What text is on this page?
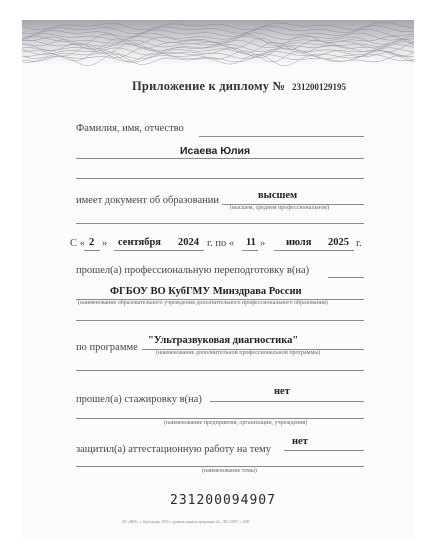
Приложение к диплому № 231200129195
Фамилия, имя, отчество
Исаева Юлия
имеет документ об образовании	высшем
(высшем, среднем профессиональном)
С « 2 » сентября 2024 г. по « 11 » июля 2025 г.
прошел(а) профессиональную переподготовку в(на)
ФГБОУ ВО КубГМУ Минздрава России
(наименование образовательного учреждения дополнительного профессионального образования)
по программе
"Ультразвуковая диагностика"
(наименование дополнительной профессиональной программы)
прошел(а) стажировку в(на)
нет
(наименование предприятия, организации, учреждения)
защитил(а) аттестационную работу на тему
нет
(наименование темы)
231200094907
АО «ИБК», г. Краснодар, 2019 г. уровень защиты продукции «Б», ЛВ 11087, т. 2000
